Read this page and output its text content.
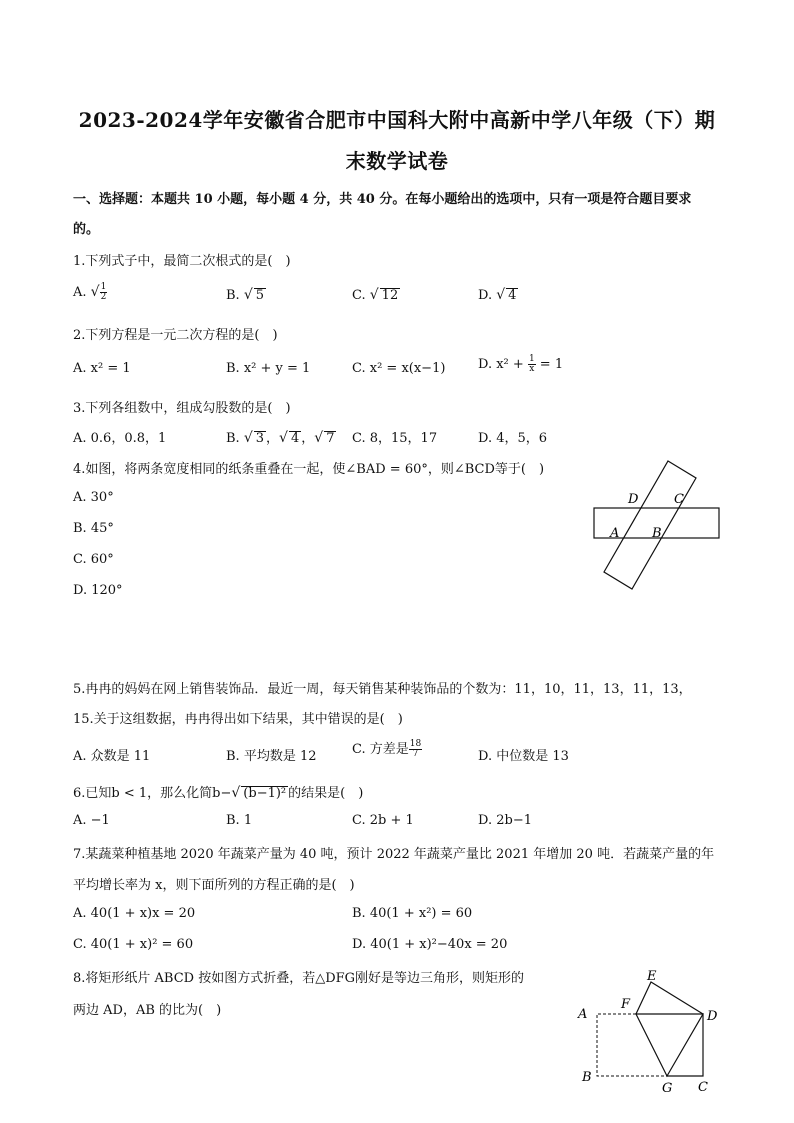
2023-2024学年安徽省合肥市中国科大附中高新中学八年级（下）期
末数学试卷
一、选择题：本题共 10 小题，每小题 4 分，共 40 分。在每小题给出的选项中，只有一项是符合题目要求
的。
1.下列式子中，最简二次根式的是(　)
A. √ $\frac{1}{2}$	B. √ 5	C. √ 12	D. √ 4
2.下列方程是一元二次方程的是(　)
A. x² = 1	B. x² + y = 1	C. x² = x(x−1)	D. $x^2 + \frac{1}{x} = 1$
3.下列各组数中，组成勾股数的是(　)
A. 0.6，0.8，1	B. √ 3 ，√ 4 ，√ 7 C. 8，15，17	D. 4，5，6
4.如图，将两条宽度相同的纸条重叠在一起，使∠BAD = 60°，则∠BCD等于(　)
A. 30°
B. 45°
C. 60°
D. 120°
D	C
A	B
5.冉冉的妈妈在网上销售装饰品．最近一周，每天销售某种装饰品的个数为：11，10，11，13，11，13，
15.关于这组数据，冉冉得出如下结果，其中错误的是(　)
A. 众数是 11	B. 平均数是 12	C. 方差是 $\frac{18}{7}$	D. 中位数是 13
6.已知b < 1，那么化简b−√ (b−1)² 的结果是(　)
A. −1	B. 1	C. 2b + 1	D. 2b−1
7.某蔬菜种植基地 2020 年蔬菜产量为 40 吨，预计 2022 年蔬菜产量比 2021 年增加 20 吨．若蔬菜产量的年
平均增长率为 x，则下面所列的方程正确的是(　)
A. 40(1 + x)x = 20	B. 40(1 + x²) = 60
C. 40(1 + x)² = 60	D. 40(1 + x)²−40x = 20
8.将矩形纸片 ABCD 按如图方式折叠，若△DFG刚好是等边三角形，则矩形的
两边 AD，AB 的比为(　)
E
F
A	D
B
G C
